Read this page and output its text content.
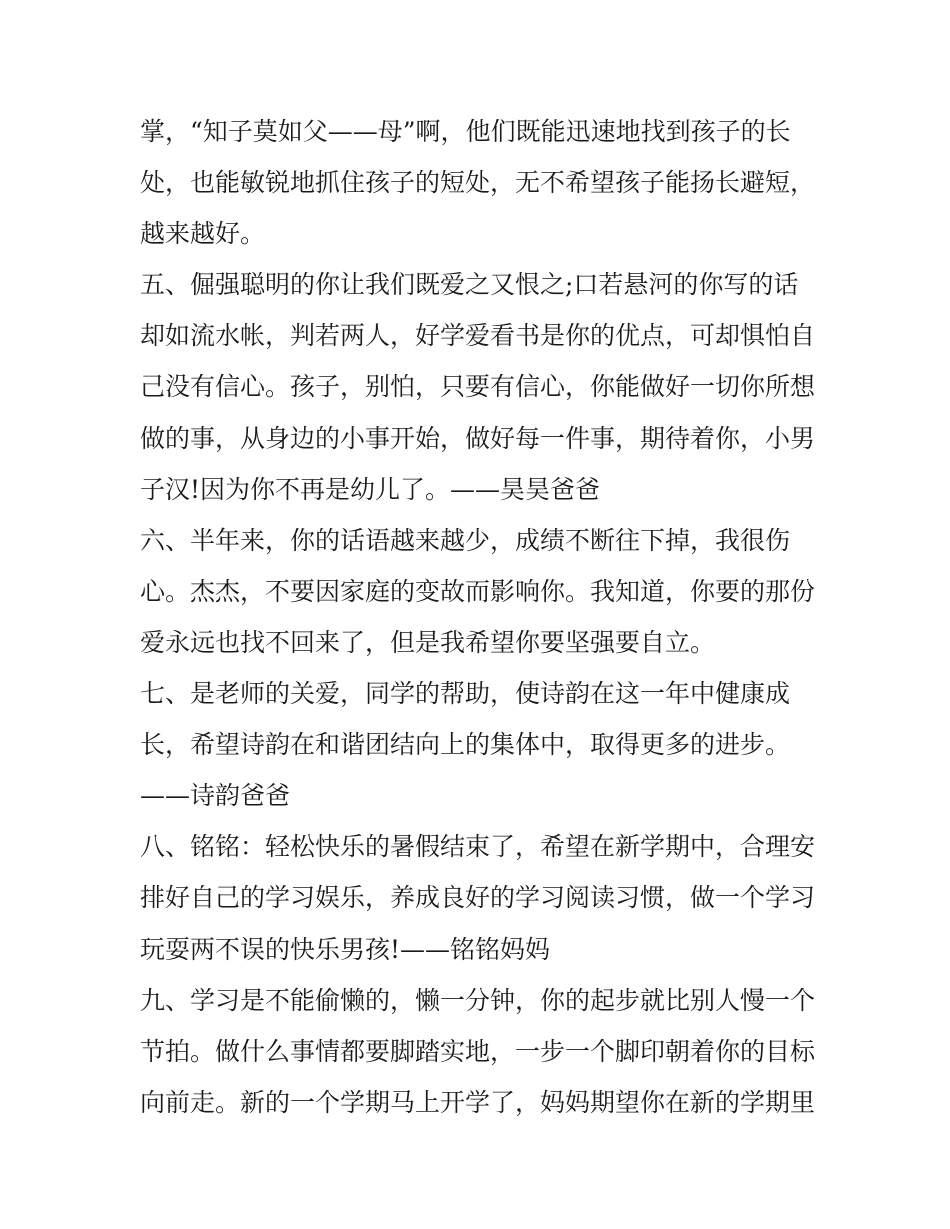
掌，“知子莫如父——母”啊，他们既能迅速地找到孩子的长
处，也能敏锐地抓住孩子的短处，无不希望孩子能扬长避短，
越来越好。
五、倔强聪明的你让我们既爱之又恨之;口若悬河的你写的话
却如流水帐，判若两人，好学爱看书是你的优点，可却惧怕自
己没有信心。孩子，别怕，只要有信心，你能做好一切你所想
做的事，从身边的小事开始，做好每一件事，期待着你，小男
子汉!因为你不再是幼儿了。——昊昊爸爸
六、半年来，你的话语越来越少，成绩不断往下掉，我很伤
心。杰杰，不要因家庭的变故而影响你。我知道，你要的那份
爱永远也找不回来了，但是我希望你要坚强要自立。
七、是老师的关爱，同学的帮助，使诗韵在这一年中健康成
长，希望诗韵在和谐团结向上的集体中，取得更多的进步。
——诗韵爸爸
八、铭铭：轻松快乐的暑假结束了，希望在新学期中，合理安
排好自己的学习娱乐，养成良好的学习阅读习惯，做一个学习
玩耍两不误的快乐男孩!——铭铭妈妈
九、学习是不能偷懒的，懒一分钟，你的起步就比别人慢一个
节拍。做什么事情都要脚踏实地，一步一个脚印朝着你的目标
向前走。新的一个学期马上开学了，妈妈期望你在新的学期里
